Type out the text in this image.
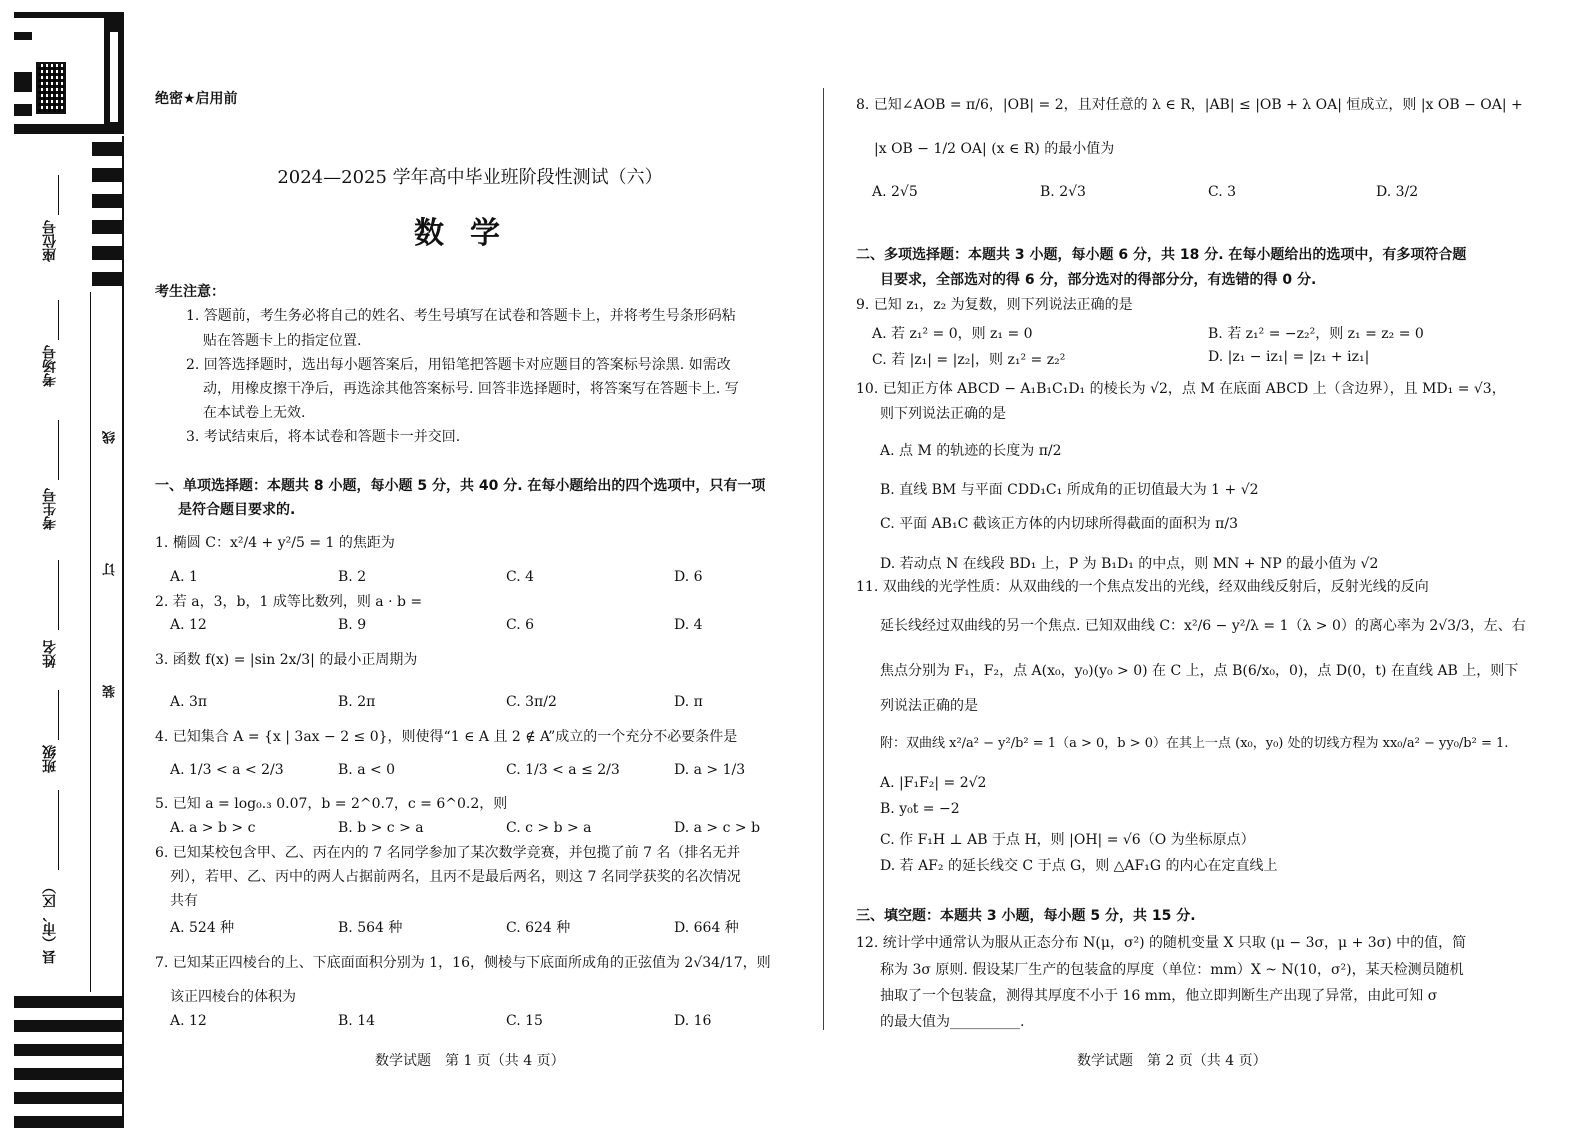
座位号
考场号
考生号
姓名
班级
县（市、区）
线
订
装
绝密★启用前
2024—2025 学年高中毕业班阶段性测试（六）
数学
考生注意：
1. 答题前，考生务必将自己的姓名、考生号填写在试卷和答题卡上，并将考生号条形码粘
贴在答题卡上的指定位置.
2. 回答选择题时，选出每小题答案后，用铅笔把答题卡对应题目的答案标号涂黑. 如需改
动，用橡皮擦干净后，再选涂其他答案标号. 回答非选择题时，将答案写在答题卡上. 写
在本试卷上无效.
3. 考试结束后，将本试卷和答题卡一并交回.
一、单项选择题：本题共 8 小题，每小题 5 分，共 40 分. 在每小题给出的四个选项中，只有一项
是符合题目要求的.
1. 椭圆 C：x²/4 + y²/5 = 1 的焦距为
A. 1	B. 2	C. 4	D. 6
2. 若 a，3，b，1 成等比数列，则 a · b =
A. 12	B. 9	C. 6	D. 4
3. 函数 f(x) = |sin 2x/3| 的最小正周期为
A. 3π	B. 2π	C. 3π/2	D. π
4. 已知集合 A = {x | 3ax − 2 ≤ 0}，则使得“1 ∈ A 且 2 ∉ A”成立的一个充分不必要条件是
A. 1/3 < a < 2/3	B. a < 0	C. 1/3 < a ≤ 2/3	D. a > 1/3
5. 已知 a = log₀.₃ 0.07，b = 2^0.7，c = 6^0.2，则
A. a > b > c	B. b > c > a	C. c > b > a	D. a > c > b
6. 已知某校包含甲、乙、丙在内的 7 名同学参加了某次数学竞赛，并包揽了前 7 名（排名无并
列），若甲、乙、丙中的两人占据前两名，且丙不是最后两名，则这 7 名同学获奖的名次情况
共有
A. 524 种	B. 564 种	C. 624 种	D. 664 种
7. 已知某正四棱台的上、下底面面积分别为 1，16，侧棱与下底面所成角的正弦值为 2√34/17，则
该正四棱台的体积为
A. 12	B. 14	C. 15	D. 16
数学试题　第 1 页（共 4 页）
8. 已知∠AOB = π/6，|OB| = 2，且对任意的 λ ∈ R，|AB| ≤ |OB + λ OA| 恒成立，则 |x OB − OA| +
|x OB − 1/2 OA| (x ∈ R) 的最小值为
A. 2√5	B. 2√3	C. 3	D. 3/2
二、多项选择题：本题共 3 小题，每小题 6 分，共 18 分. 在每小题给出的选项中，有多项符合题
目要求，全部选对的得 6 分，部分选对的得部分分，有选错的得 0 分.
9. 已知 z₁，z₂ 为复数，则下列说法正确的是
A. 若 z₁² = 0，则 z₁ = 0	B. 若 z₁² = −z₂²，则 z₁ = z₂ = 0
C. 若 |z₁| = |z₂|，则 z₁² = z₂²	D. |z₁ − iz₁| = |z₁ + iz₁|
10. 已知正方体 ABCD − A₁B₁C₁D₁ 的棱长为 √2，点 M 在底面 ABCD 上（含边界），且 MD₁ = √3，
则下列说法正确的是
A. 点 M 的轨迹的长度为 π/2
B. 直线 BM 与平面 CDD₁C₁ 所成角的正切值最大为 1 + √2
C. 平面 AB₁C 截该正方体的内切球所得截面的面积为 π/3
D. 若动点 N 在线段 BD₁ 上，P 为 B₁D₁ 的中点，则 MN + NP 的最小值为 √2
11. 双曲线的光学性质：从双曲线的一个焦点发出的光线，经双曲线反射后，反射光线的反向
延长线经过双曲线的另一个焦点. 已知双曲线 C：x²/6 − y²/λ = 1（λ > 0）的离心率为 2√3/3，左、右
焦点分别为 F₁，F₂，点 A(x₀，y₀)(y₀ > 0) 在 C 上，点 B(6/x₀，0)，点 D(0，t) 在直线 AB 上，则下
列说法正确的是
附：双曲线 x²/a² − y²/b² = 1（a > 0，b > 0）在其上一点 (x₀，y₀) 处的切线方程为 xx₀/a² − yy₀/b² = 1.
A. |F₁F₂| = 2√2
B. y₀t = −2
C. 作 F₁H ⊥ AB 于点 H，则 |OH| = √6（O 为坐标原点）
D. 若 AF₂ 的延长线交 C 于点 G，则 △AF₁G 的内心在定直线上
三、填空题：本题共 3 小题，每小题 5 分，共 15 分.
12. 统计学中通常认为服从正态分布 N(μ，σ²) 的随机变量 X 只取 (μ − 3σ，μ + 3σ) 中的值，简
称为 3σ 原则. 假设某厂生产的包装盒的厚度（单位：mm）X ~ N(10，σ²)，某天检测员随机
抽取了一个包装盒，测得其厚度不小于 16 mm，他立即判断生产出现了异常，由此可知 σ
的最大值为__________.
数学试题　第 2 页（共 4 页）
